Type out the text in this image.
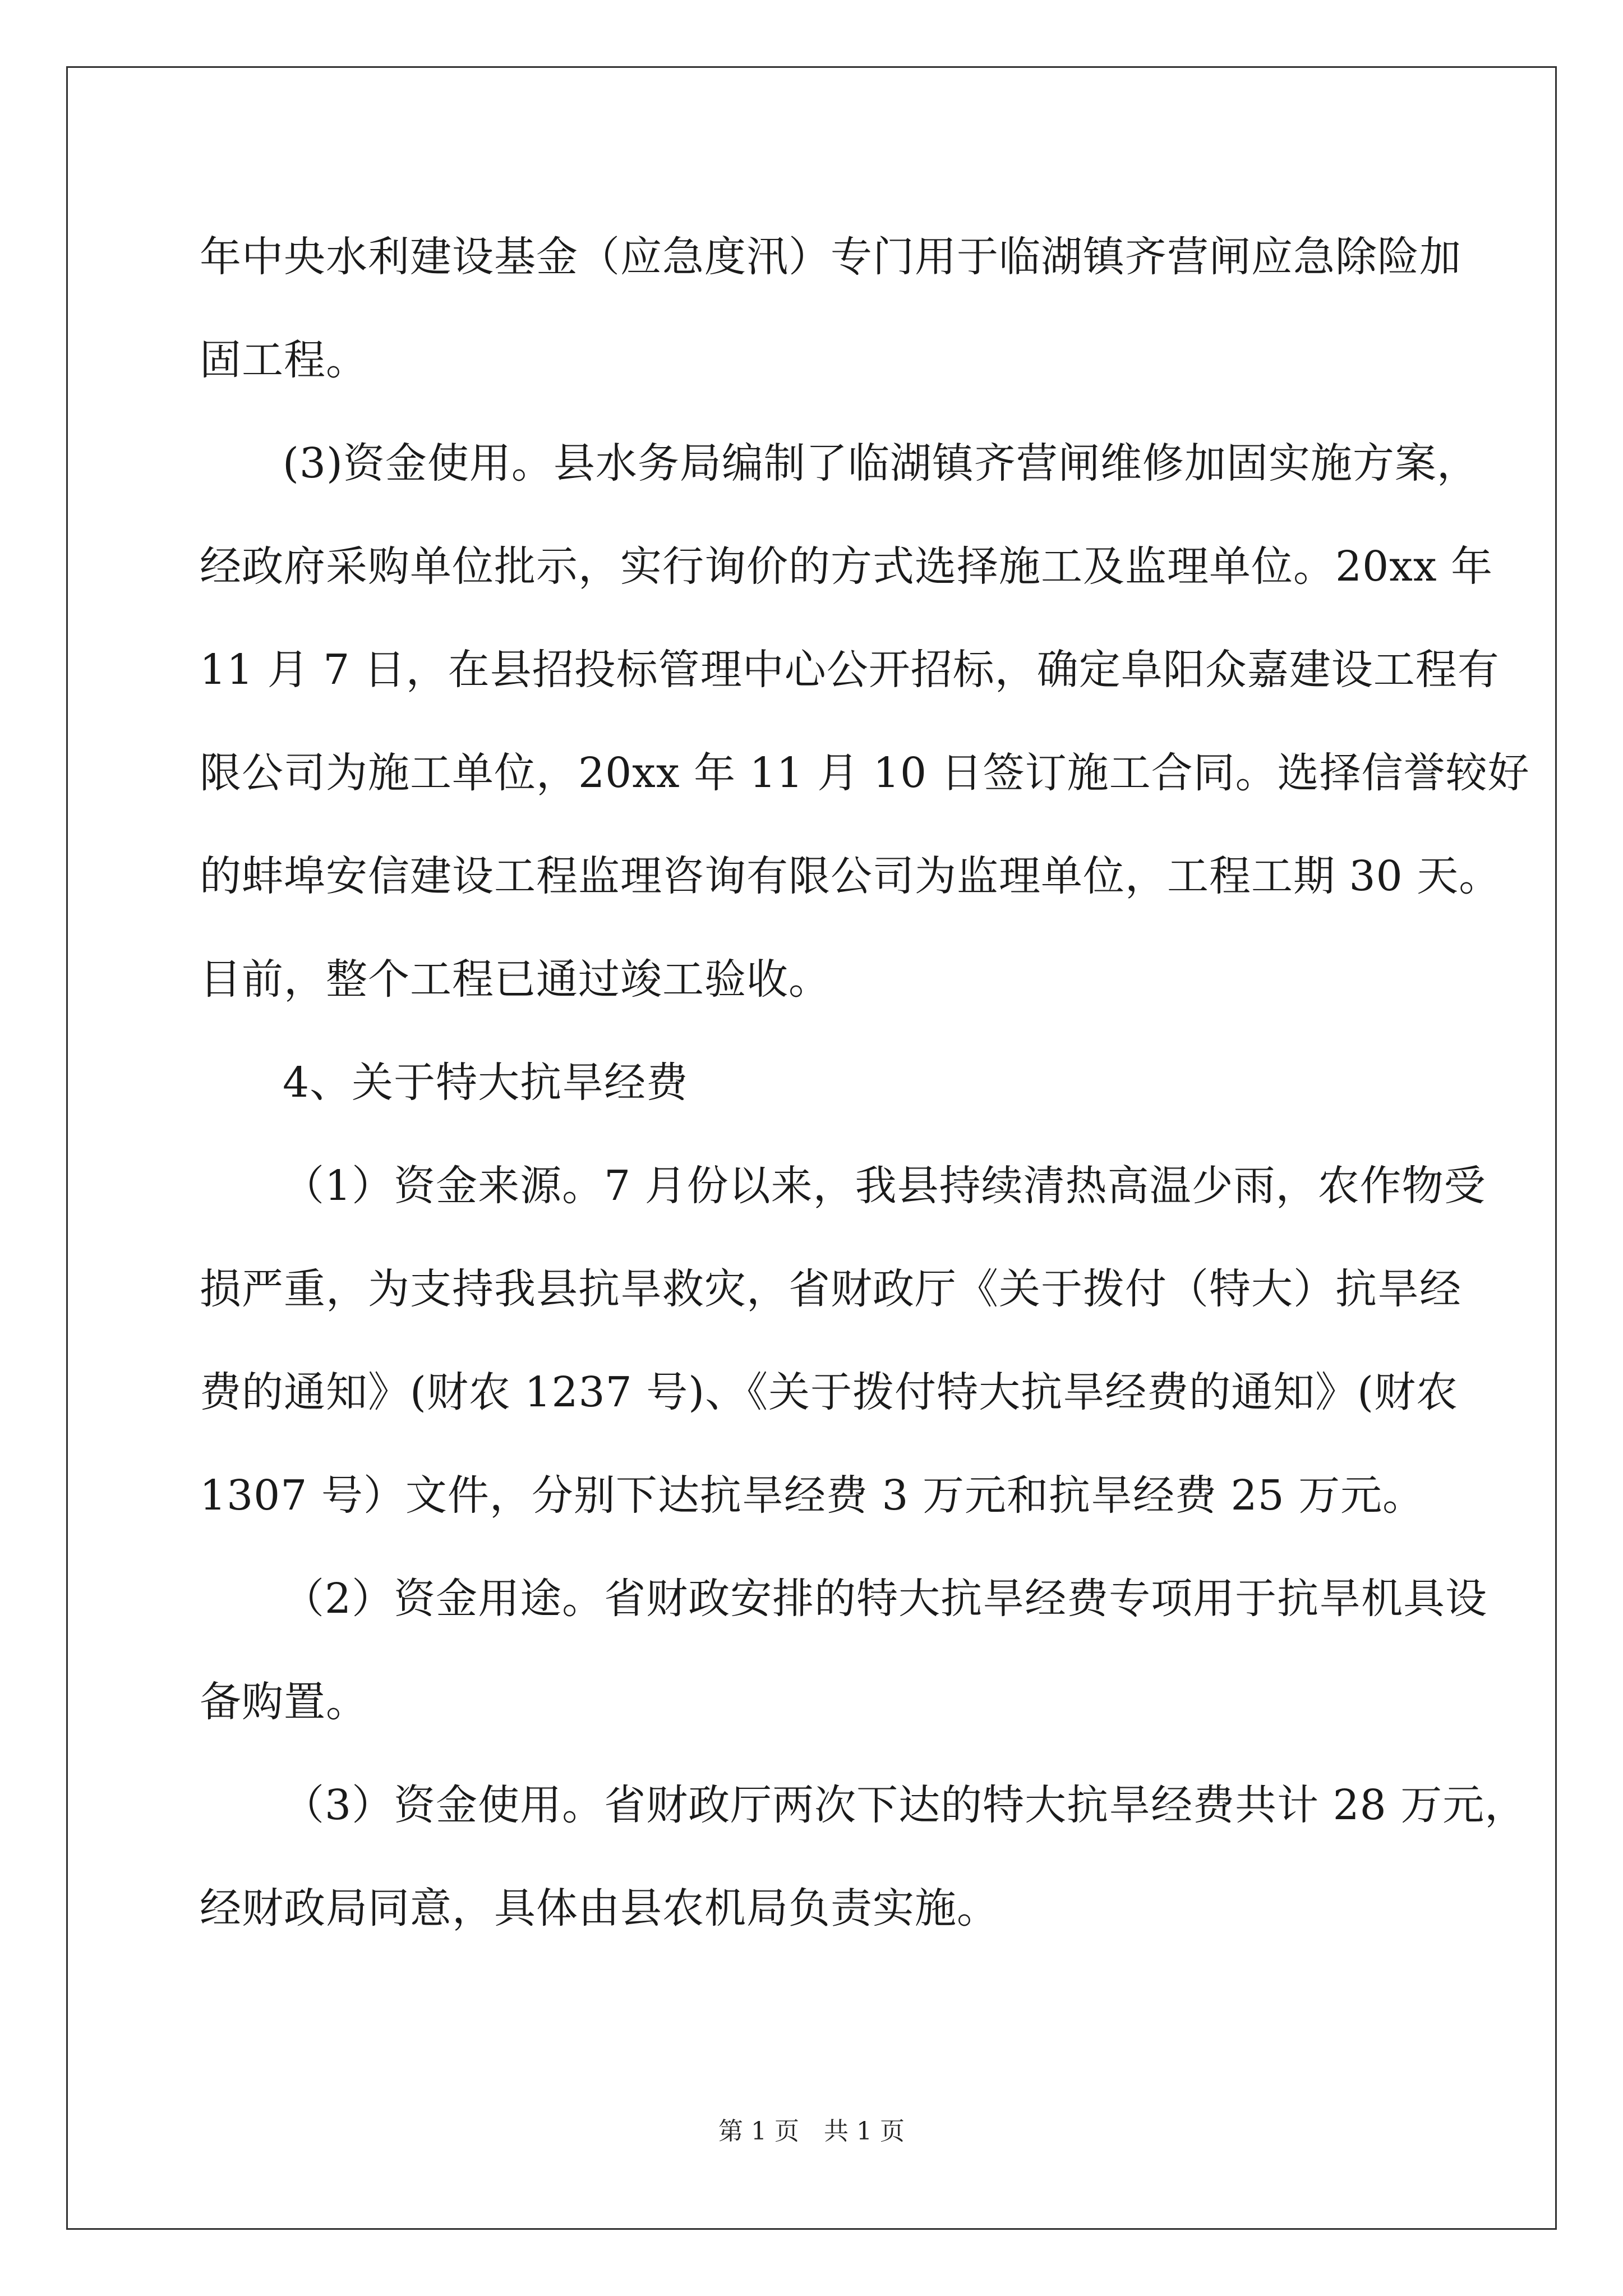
年中央水利建设基金（应急度汛）专门用于临湖镇齐营闸应急除险加
固工程。
(3)资金使用。县水务局编制了临湖镇齐营闸维修加固实施方案，
经政府采购单位批示，实行询价的方式选择施工及监理单位。20xx 年
11 月 7 日，在县招投标管理中心公开招标，确定阜阳众嘉建设工程有
限公司为施工单位，20xx 年 11 月 10 日签订施工合同。选择信誉较好
的蚌埠安信建设工程监理咨询有限公司为监理单位，工程工期 30 天。
目前，整个工程已通过竣工验收。
4、关于特大抗旱经费
（1）资金来源。7 月份以来，我县持续清热高温少雨，农作物受
损严重，为支持我县抗旱救灾，省财政厅《关于拨付（特大）抗旱经
费的通知》(财农 1237 号)、《关于拨付特大抗旱经费的通知》(财农
1307 号）文件，分别下达抗旱经费 3 万元和抗旱经费 25 万元。
（2）资金用途。省财政安排的特大抗旱经费专项用于抗旱机具设
备购置。
（3）资金使用。省财政厅两次下达的特大抗旱经费共计 28 万元，
经财政局同意，具体由县农机局负责实施。
第 1 页　共 1 页
